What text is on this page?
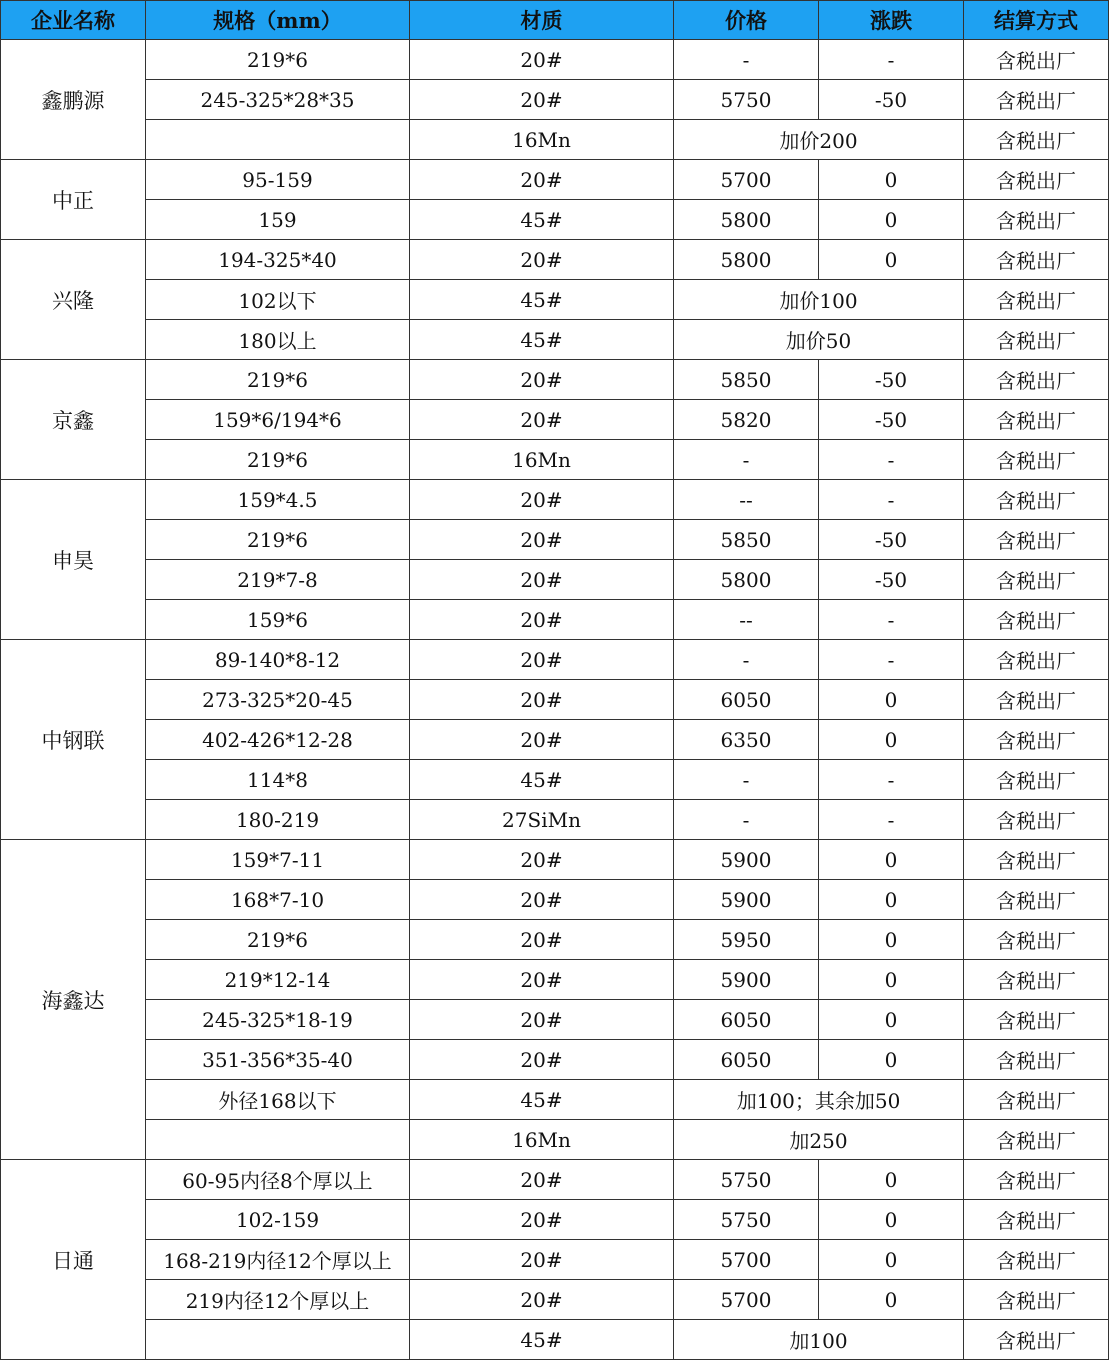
企业名称	规格（mm）	材质	价格	涨跌	结算方式
鑫鹏源	219*6	20#	-	-	含税出厂
	245-325*28*35	20#	5750	-50	含税出厂
		16Mn	加价200		含税出厂
中正	95-159	20#	5700	0	含税出厂
	159	45#	5800	0	含税出厂
兴隆	194-325*40	20#	5800	0	含税出厂
	102以下	45#	加价100		含税出厂
	180以上	45#	加价50		含税出厂
京鑫	219*6	20#	5850	-50	含税出厂
	159*6/194*6	20#	5820	-50	含税出厂
	219*6	16Mn	-	-	含税出厂
申昊	159*4.5	20#	--	-	含税出厂
	219*6	20#	5850	-50	含税出厂
	219*7-8	20#	5800	-50	含税出厂
	159*6	20#	--	-	含税出厂
中钢联	89-140*8-12	20#	-	-	含税出厂
	273-325*20-45	20#	6050	0	含税出厂
	402-426*12-28	20#	6350	0	含税出厂
	114*8	45#	-	-	含税出厂
	180-219	27SiMn	-	-	含税出厂
海鑫达	159*7-11	20#	5900	0	含税出厂
	168*7-10	20#	5900	0	含税出厂
	219*6	20#	5950	0	含税出厂
	219*12-14	20#	5900	0	含税出厂
	245-325*18-19	20#	6050	0	含税出厂
	351-356*35-40	20#	6050	0	含税出厂
	外径168以下	45#	加100；其余加50		含税出厂
		16Mn	加250		含税出厂
日通	60-95内径8个厚以上	20#	5750	0	含税出厂
	102-159	20#	5750	0	含税出厂
	168-219内径12个厚以上	20#	5700	0	含税出厂
	219内径12个厚以上	20#	5700	0	含税出厂
		45#	加100		含税出厂
